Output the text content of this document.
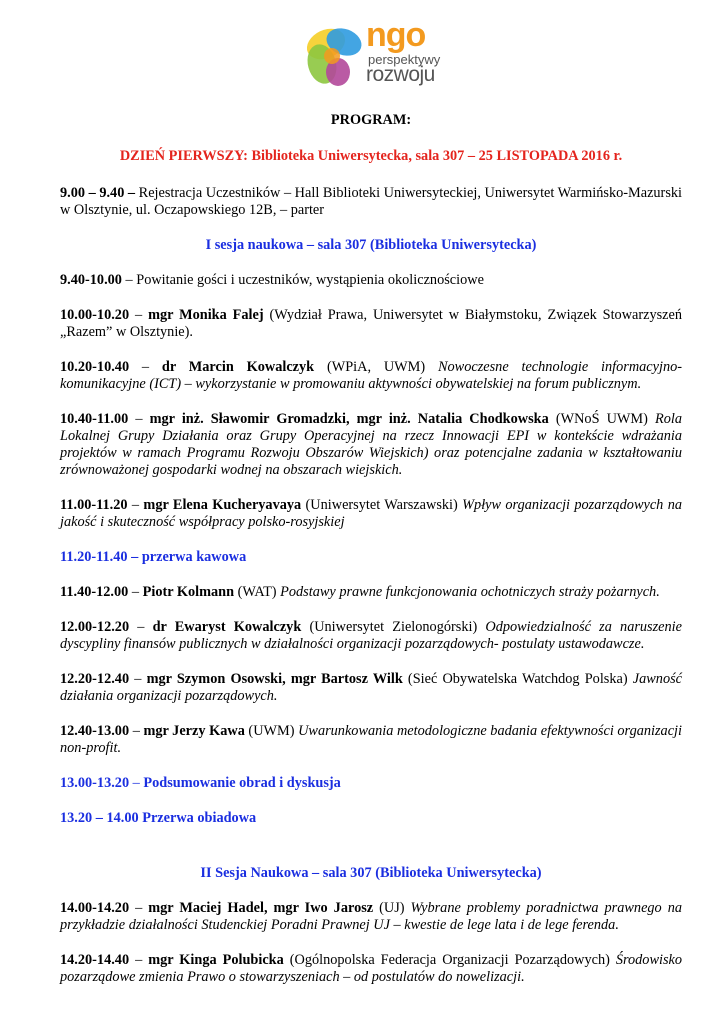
ngo
perspektywy
rozwoju
PROGRAM:
DZIEŃ PIERWSZY: Biblioteka Uniwersytecka, sala 307 – 25 LISTOPADA 2016 r.

9.00 – 9.40 – Rejestracja Uczestników – Hall Biblioteki Uniwersyteckiej, Uniwersytet Warmińsko-Mazurski w Olsztynie, ul. Oczapowskiego 12B, – parter

I sesja naukowa – sala 307 (Biblioteka Uniwersytecka)

9.40-10.00 – Powitanie gości i uczestników, wystąpienia okolicznościowe

10.00-10.20 – mgr Monika Falej (Wydział Prawa, Uniwersytet w Białymstoku, Związek Stowarzyszeń „Razem” w Olsztynie).

10.20-10.40 – dr Marcin Kowalczyk (WPiA, UWM) Nowoczesne technologie informacyjno-komunikacyjne (ICT) – wykorzystanie w promowaniu aktywności obywatelskiej na forum publicznym.

10.40-11.00 – mgr inż. Sławomir Gromadzki, mgr inż. Natalia Chodkowska (WNoŚ UWM) Rola Lokalnej Grupy Działania oraz Grupy Operacyjnej na rzecz Innowacji EPI w kontekście wdrażania projektów w ramach Programu Rozwoju Obszarów Wiejskich) oraz potencjalne zadania w kształtowaniu zrównoważonej gospodarki wodnej na obszarach wiejskich.

11.00-11.20 – mgr Elena Kucheryavaya (Uniwersytet Warszawski) Wpływ organizacji pozarządowych na jakość i skuteczność współpracy polsko-rosyjskiej

11.20-11.40 – przerwa kawowa

11.40-12.00 – Piotr Kolmann (WAT) Podstawy prawne funkcjonowania ochotniczych straży pożarnych.

12.00-12.20 – dr Ewaryst Kowalczyk (Uniwersytet Zielonogórski) Odpowiedzialność za naruszenie dyscypliny finansów publicznych w działalności organizacji pozarządowych- postulaty ustawodawcze.

12.20-12.40 – mgr Szymon Osowski, mgr Bartosz Wilk (Sieć Obywatelska Watchdog Polska) Jawność działania organizacji pozarządowych.

12.40-13.00 – mgr Jerzy Kawa (UWM) Uwarunkowania metodologiczne badania efektywności organizacji non-profit.

13.00-13.20 – Podsumowanie obrad i dyskusja

13.20 – 14.00 Przerwa obiadowa

II Sesja Naukowa – sala 307 (Biblioteka Uniwersytecka)

14.00-14.20 – mgr Maciej Hadel, mgr Iwo Jarosz (UJ) Wybrane problemy poradnictwa prawnego na przykładzie działalności Studenckiej Poradni Prawnej UJ – kwestie de lege lata i de lege ferenda.

14.20-14.40 – mgr Kinga Polubicka (Ogólnopolska Federacja Organizacji Pozarządowych) Środowisko pozarządowe zmienia Prawo o stowarzyszeniach – od postulatów do nowelizacji.
